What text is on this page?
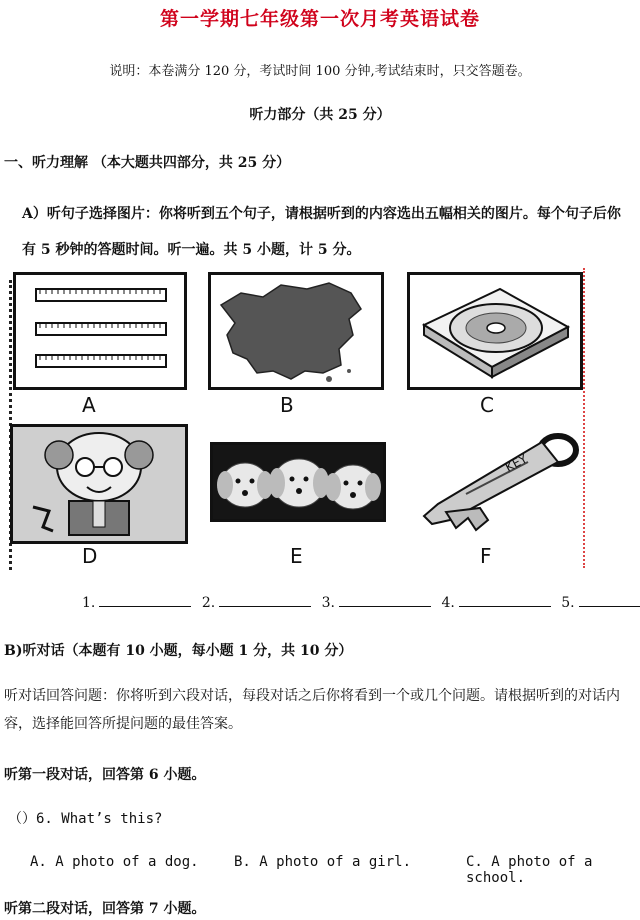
第一学期七年级第一次月考英语试卷
说明：本卷满分 120 分，考试时间 100 分钟,考试结束时，只交答题卷。
听力部分（共 25 分）
一、听力理解 （本大题共四部分，共 25 分）
A）听句子选择图片：你将听到五个句子，请根据听到的内容选出五幅相关的图片。每个句子后你有 5 秒钟的答题时间。听一遍。共 5 小题，计 5 分。
A	B	C
D	E
KEY
F
1.	2.	3.	4.	5.
B)听对话（本题有 10 小题，每小题 1 分，共 10 分）
听对话回答问题：你将听到六段对话，每段对话之后你将看到一个或几个问题。请根据听到的对话内容，选择能回答所提问题的最佳答案。
听第一段对话，回答第 6 小题。
（）6. What’s this?
A. A photo of a dog.	B. A photo of a girl.	C. A photo of a school.
听第二段对话，回答第 7 小题。
